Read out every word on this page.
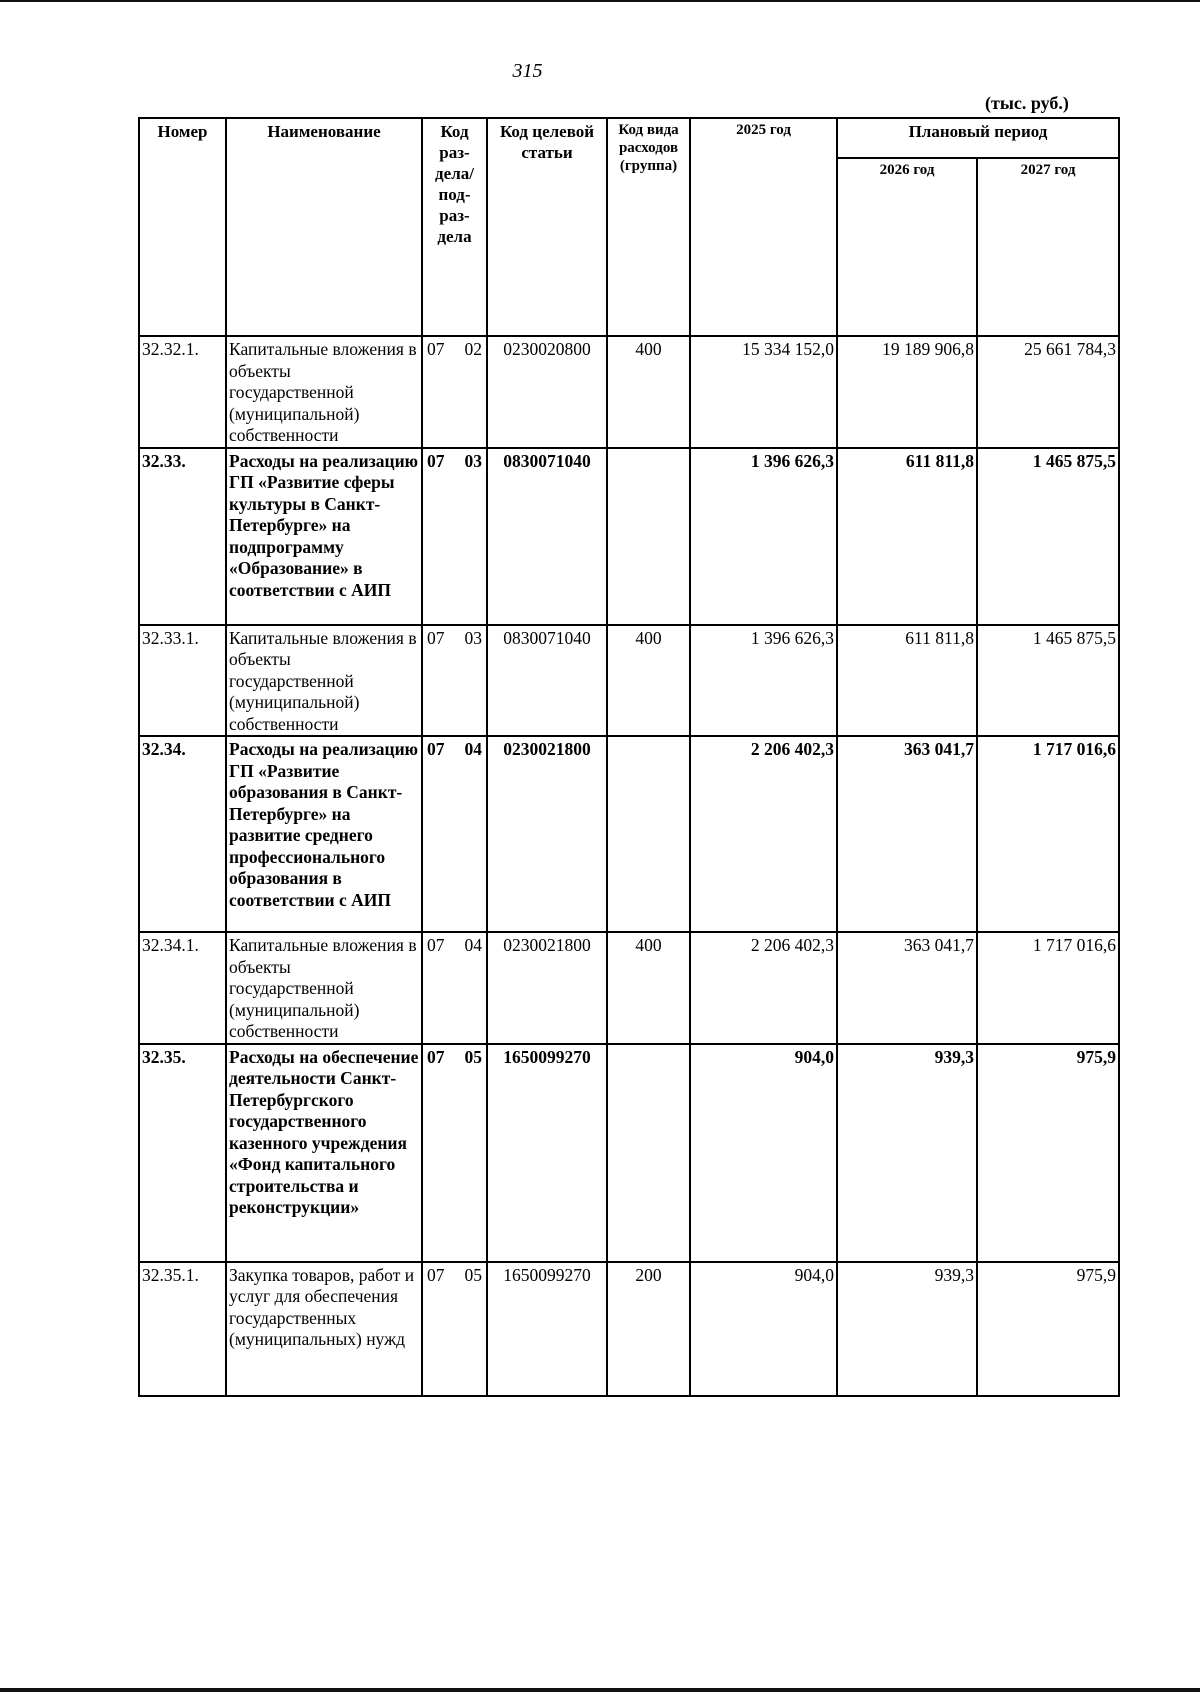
315
(тыс. руб.)
Номер	Наименование	Код раз-дела/ под-раз-дела	Код целевой статьи	Код вида расходов (группа)	2025 год	Плановый период	
						2026 год	2027 год
32.32.1.	Капитальные вложения в объекты государственной (муниципальной) собственности	07 02	0230020800	400	15 334 152,0	19 189 906,8	25 661 784,3
32.33.	Расходы на реализацию ГП «Развитие сферы культуры в Санкт-Петербурге» на подпрограмму «Образование» в соответствии с АИП	07 03	0830071040		1 396 626,3	611 811,8	1 465 875,5
32.33.1.	Капитальные вложения в объекты государственной (муниципальной) собственности	07 03	0830071040	400	1 396 626,3	611 811,8	1 465 875,5
32.34.	Расходы на реализацию ГП «Развитие образования в Санкт-Петербурге» на развитие среднего профессионального образования в соответствии с АИП	07 04	0230021800		2 206 402,3	363 041,7	1 717 016,6
32.34.1.	Капитальные вложения в объекты государственной (муниципальной) собственности	07 04	0230021800	400	2 206 402,3	363 041,7	1 717 016,6
32.35.	Расходы на обеспечение деятельности Санкт-Петербургского государственного казенного учреждения «Фонд капитального строительства и реконструкции»	07 05	1650099270		904,0	939,3	975,9
32.35.1.	Закупка товаров, работ и услуг для обеспечения государственных (муниципальных) нужд	07 05	1650099270	200	904,0	939,3	975,9
